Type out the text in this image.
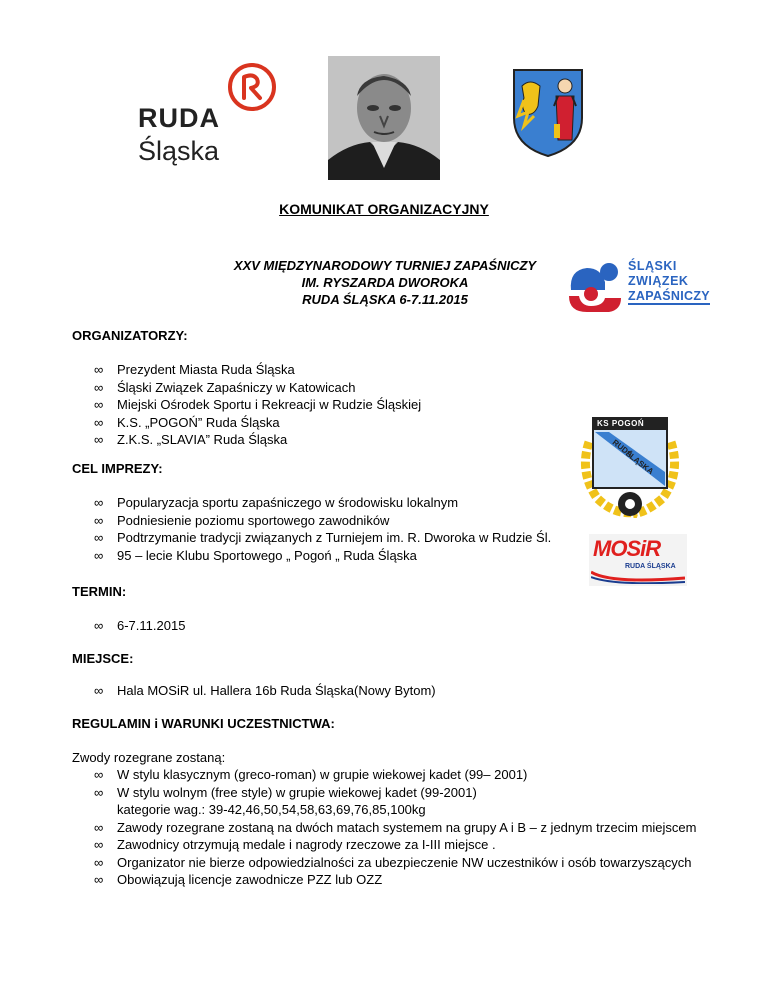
RUDA
Śląska
KOMUNIKAT ORGANIZACYJNY
XXV MIĘDZYNARODOWY TURNIEJ ZAPAŚNICZY
IM. RYSZARDA DWOROKA
RUDA ŚLĄSKA 6-7.11.2015
ŚLĄSKI
ZWIĄZEK
ZAPAŚNICZY
ORGANIZATORZY:
∞ Prezydent Miasta Ruda Śląska
∞ Śląski Związek Zapaśniczy w Katowicach
∞ Miejski Ośrodek Sportu i Rekreacji w Rudzie Śląskiej
∞ K.S. „POGOŃ” Ruda Śląska
∞ Z.K.S. „SLAVIA” Ruda Śląska
KS POGOŃ
RUDA
ŚLĄSKA
CEL IMPREZY:
∞ Popularyzacja sportu zapaśniczego w środowisku lokalnym
∞ Podniesienie poziomu sportowego zawodników
∞ Podtrzymanie tradycji związanych z Turniejem im. R. Dworoka w Rudzie Śl.
∞ 95 – lecie Klubu Sportowego „ Pogoń „ Ruda Śląska	MOSiR
RUDA ŚLĄSKA
TERMIN:
∞ 6-7.11.2015
MIEJSCE:
∞ Hala MOSiR ul. Hallera 16b Ruda Śląska(Nowy Bytom)
REGULAMIN i WARUNKI UCZESTNICTWA:
Zwody rozegrane zostaną:
∞ W stylu klasycznym (greco-roman) w grupie wiekowej kadet (99– 2001)
∞ W stylu wolnym (free style) w grupie wiekowej kadet (99-2001)
kategorie wag.: 39-42,46,50,54,58,63,69,76,85,100kg
∞ Zawody rozegrane zostaną na dwóch matach systemem na grupy A i B – z jednym trzecim miejscem
∞ Zawodnicy otrzymują medale i nagrody rzeczowe za I-III miejsce .
∞ Organizator nie bierze odpowiedzialności za ubezpieczenie NW uczestników i osób towarzyszących
∞ Obowiązują licencje zawodnicze PZZ lub OZZ
